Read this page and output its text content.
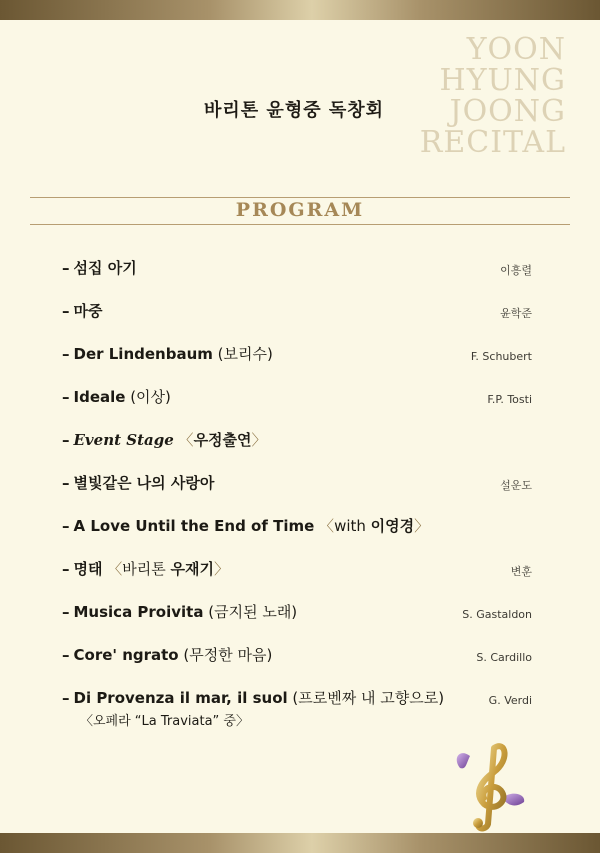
바리톤 윤형중 독창회
YOON
HYUNG
JOONG
RECITAL
PROGRAM
– 섬집 아기	이흥렬
– 마중	윤학준
– Der Lindenbaum (보리수)	F. Schubert
– Ideale (이상)	F.P. Tosti
– Event Stage 〈우정출연〉
– 별빛같은 나의 사랑아	설운도
– A Love Until the End of Time 〈with 이영경〉
– 명태 〈바리톤 우재기〉	변훈
– Musica Proivita (금지된 노래)	S. Gastaldon
– Core' ngrato (무정한 마음)	S. Cardillo
– Di Provenza il mar, il suol (프로벤짜 내 고향으로)	G. Verdi
〈오페라 “La Traviata” 중〉
